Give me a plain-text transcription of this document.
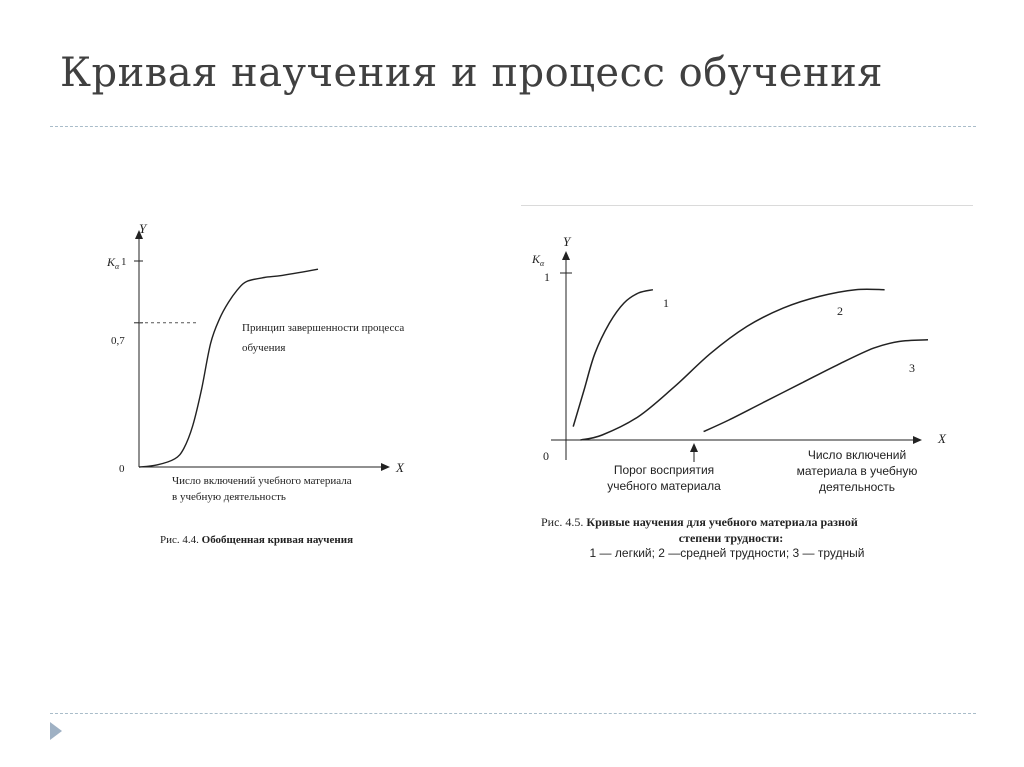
Кривая научения и процесс обучения
Y
$K_\alpha$ 1
0,7
0	X
Число включений учебного материала
в учебную деятельность
Принцип завершенности процесса
обучения
Рис. 4.4. Обобщенная кривая научения
$K_\alpha$
Y
1
0
X
1
2
3
Порог восприятия
учебного материала
Число включений
материала в учебную
деятельность
Рис. 4.5. Кривые научения для учебного материала разной
степени трудности:
1 — легкий; 2 —средней трудности; 3 — трудный
